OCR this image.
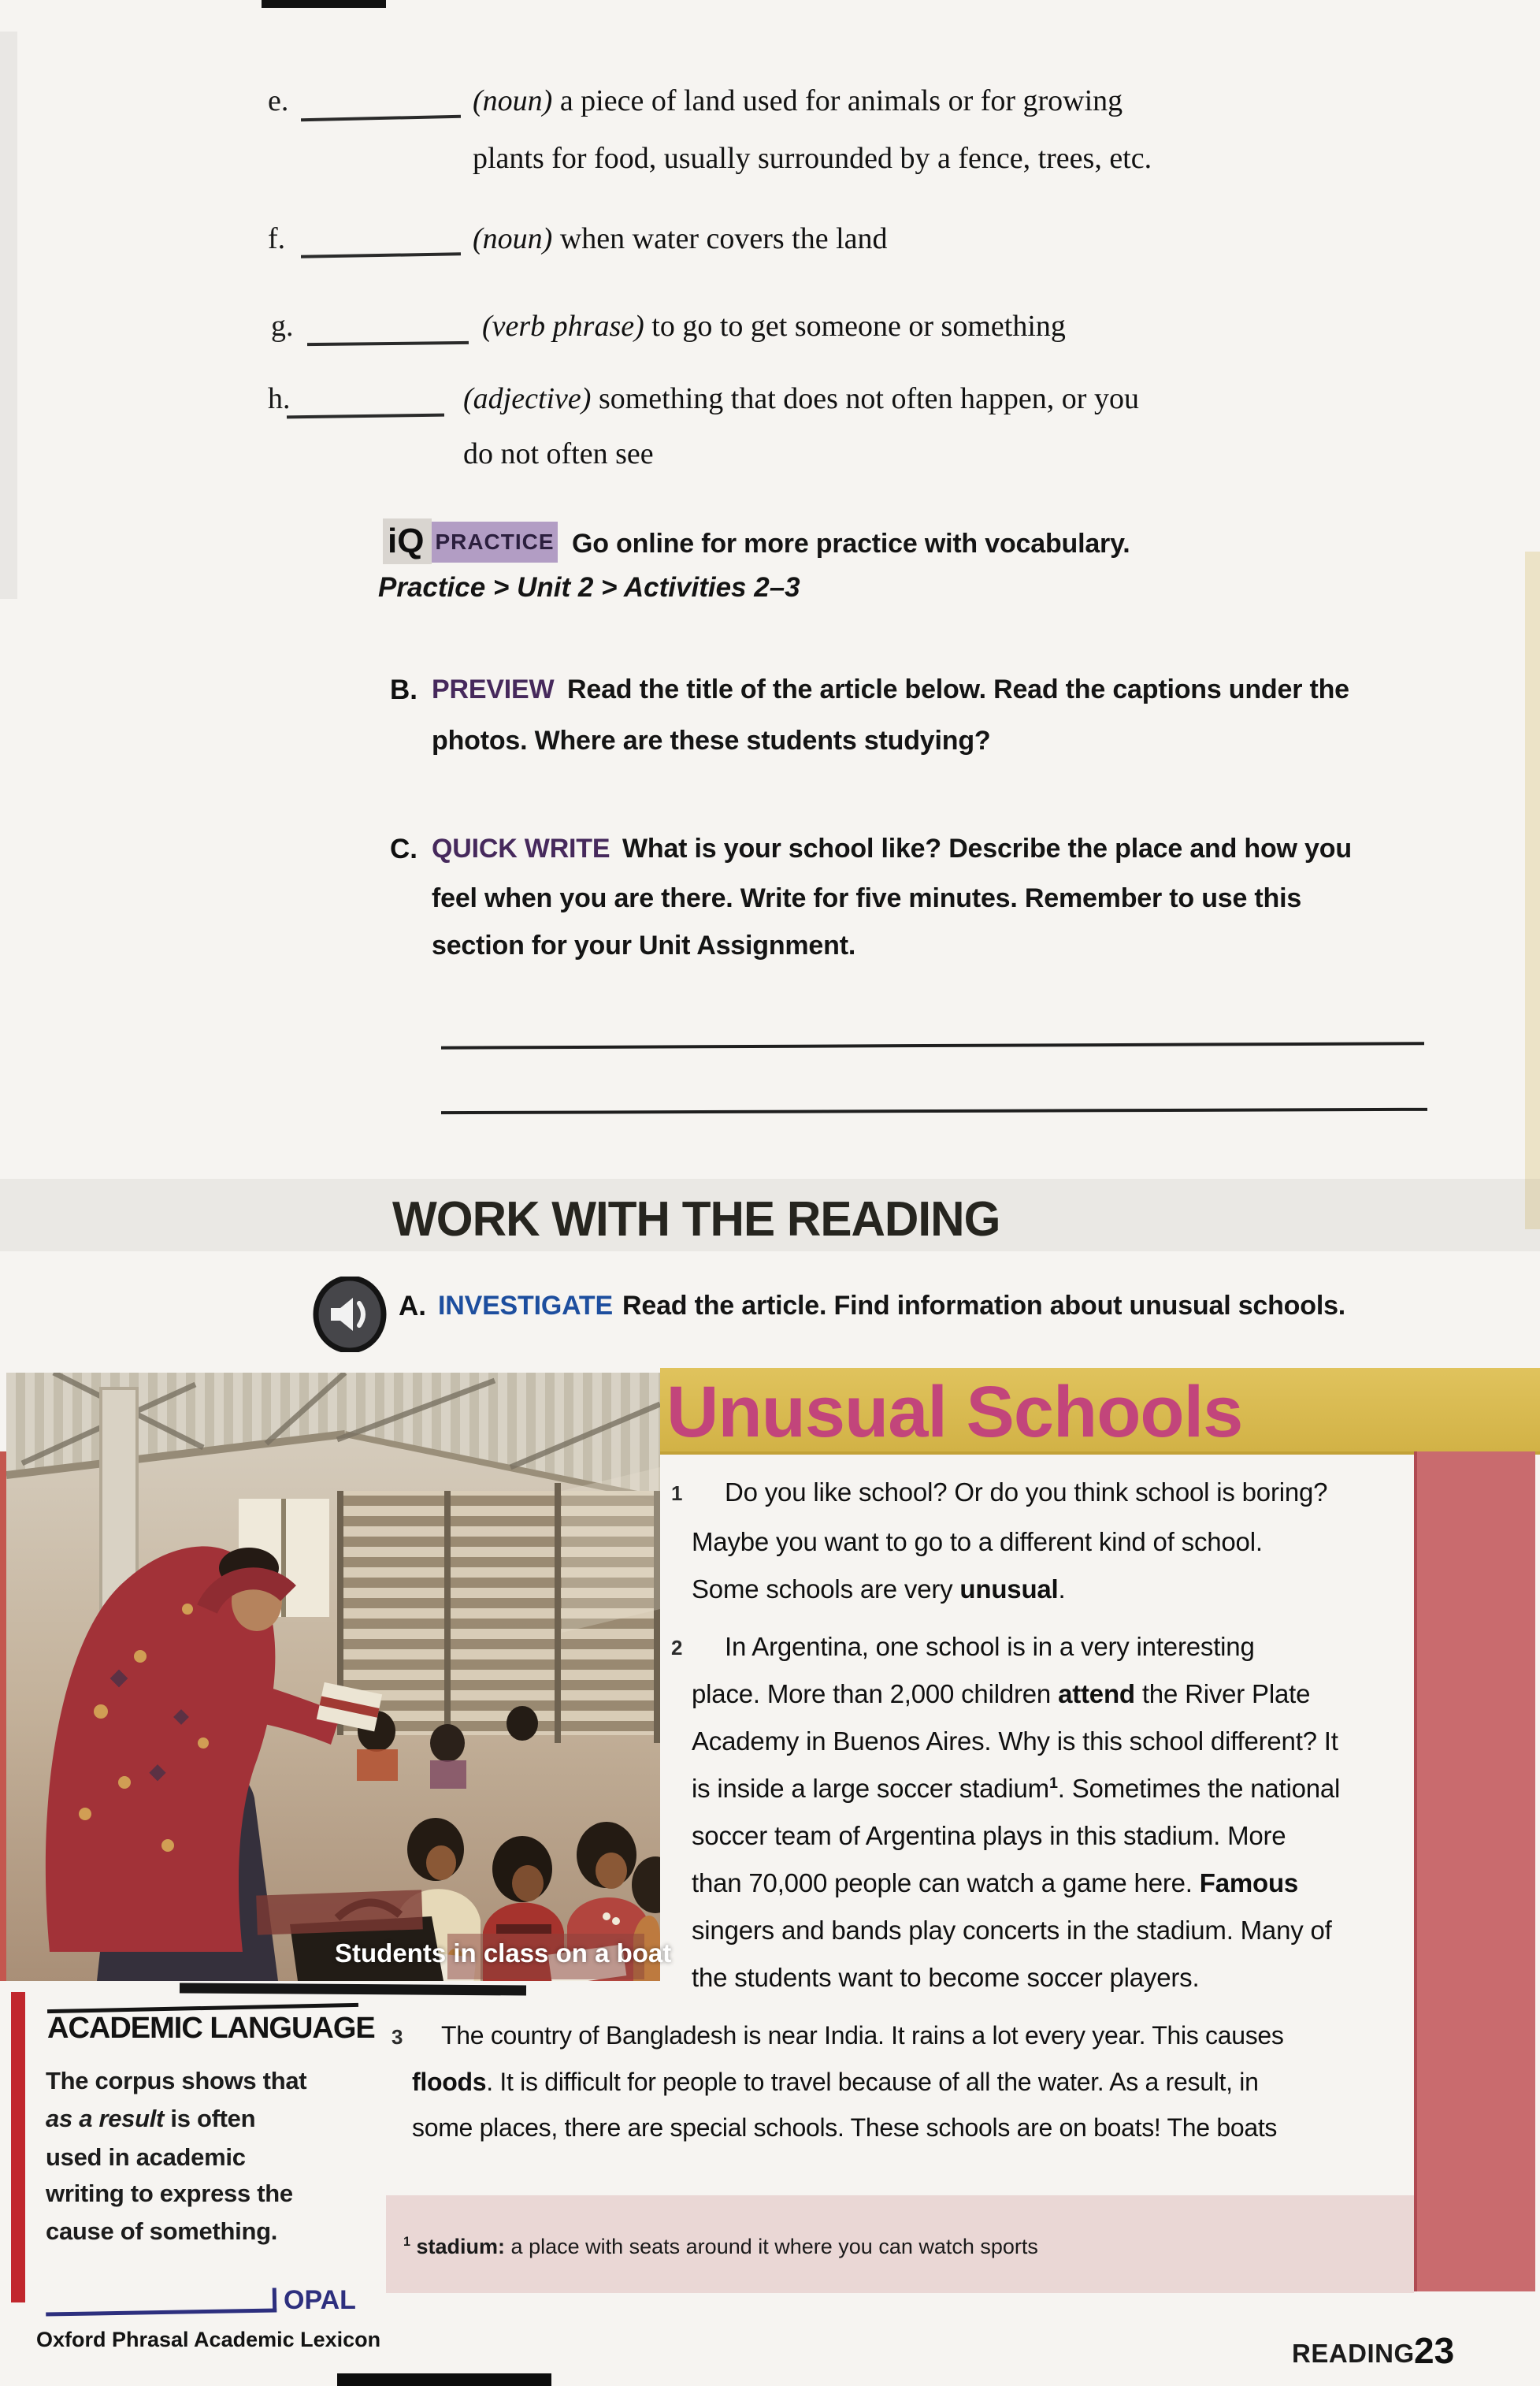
e.	(noun) a piece of land used for animals or for growing
plants for food, usually surrounded by a fence, trees, etc.
f.	(noun) when water covers the land
g.	(verb phrase) to go to get someone or something
h.	(adjective) something that does not often happen, or you
do not often see
iQ PRACTICE Go online for more practice with vocabulary.
Practice > Unit 2 > Activities 2–3
B. PREVIEW Read the title of the article below. Read the captions under the
photos. Where are these students studying?
C. QUICK WRITE What is your school like? Describe the place and how you
feel when you are there. Write for five minutes. Remember to use this
section for your Unit Assignment.
WORK WITH THE READING
A. INVESTIGATE Read the article. Find information about unusual schools.
Unusual Schools
Students in class on a boat
1 Do you like school? Or do you think school is boring?
Maybe you want to go to a different kind of school.
Some schools are very unusual.
2 In Argentina, one school is in a very interesting
place. More than 2,000 children attend the River Plate
Academy in Buenos Aires. Why is this school different? It
is inside a large soccer stadium$^1$. Sometimes the national
soccer team of Argentina plays in this stadium. More
than 70,000 people can watch a game here. Famous
singers and bands play concerts in the stadium. Many of
the students want to become soccer players.
3 The country of Bangladesh is near India. It rains a lot every year. This causes
floods. It is difficult for people to travel because of all the water. As a result, in
some places, there are special schools. These schools are on boats! The boats
$^1$ stadium: a place with seats around it where you can watch sports
ACADEMIC LANGUAGE
The corpus shows that
as a result is often
used in academic
writing to express the
cause of something.
OPAL
Oxford Phrasal Academic Lexicon	READING 23
